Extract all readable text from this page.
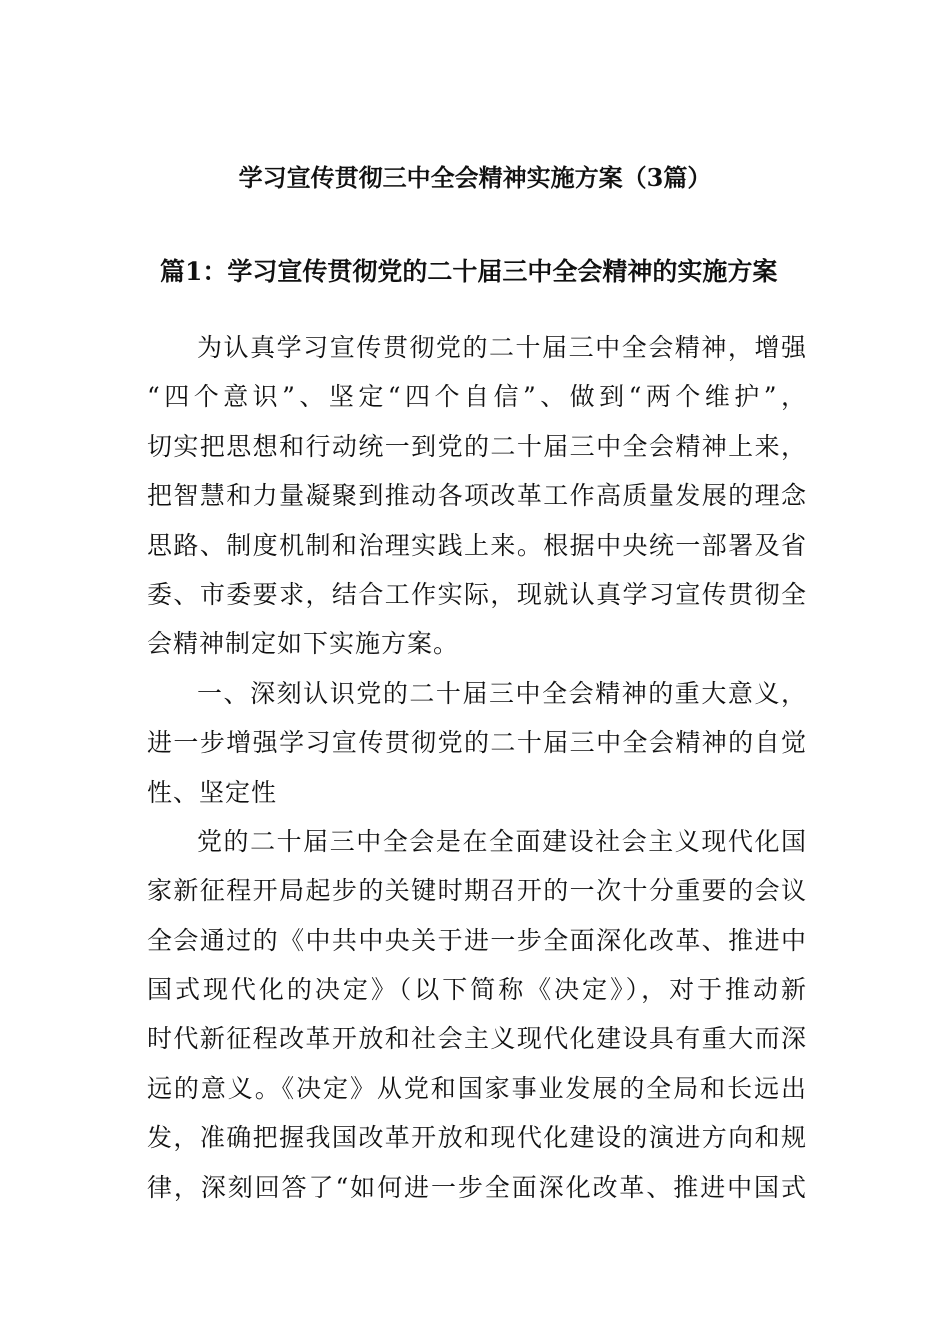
学习宣传贯彻三中全会精神实施方案（3篇）
篇1：学习宣传贯彻党的二十届三中全会精神的实施方案
为认真学习宣传贯彻党的二十届三中全会精神，增强
“四个意识”、坚定“四个自信”、做到“两个维护”，
切实把思想和行动统一到党的二十届三中全会精神上来，
把智慧和力量凝聚到推动各项改革工作高质量发展的理念
思路、制度机制和治理实践上来。根据中央统一部署及省
委、市委要求，结合工作实际，现就认真学习宣传贯彻全
会精神制定如下实施方案。
一、深刻认识党的二十届三中全会精神的重大意义，
进一步增强学习宣传贯彻党的二十届三中全会精神的自觉
性、坚定性
党的二十届三中全会是在全面建设社会主义现代化国
家新征程开局起步的关键时期召开的一次十分重要的会议
全会通过的《中共中央关于进一步全面深化改革、推进中
国式现代化的决定》（以下简称《决定》），对于推动新
时代新征程改革开放和社会主义现代化建设具有重大而深
远的意义。《决定》从党和国家事业发展的全局和长远出
发，准确把握我国改革开放和现代化建设的演进方向和规
律，深刻回答了“如何进一步全面深化改革、推进中国式
